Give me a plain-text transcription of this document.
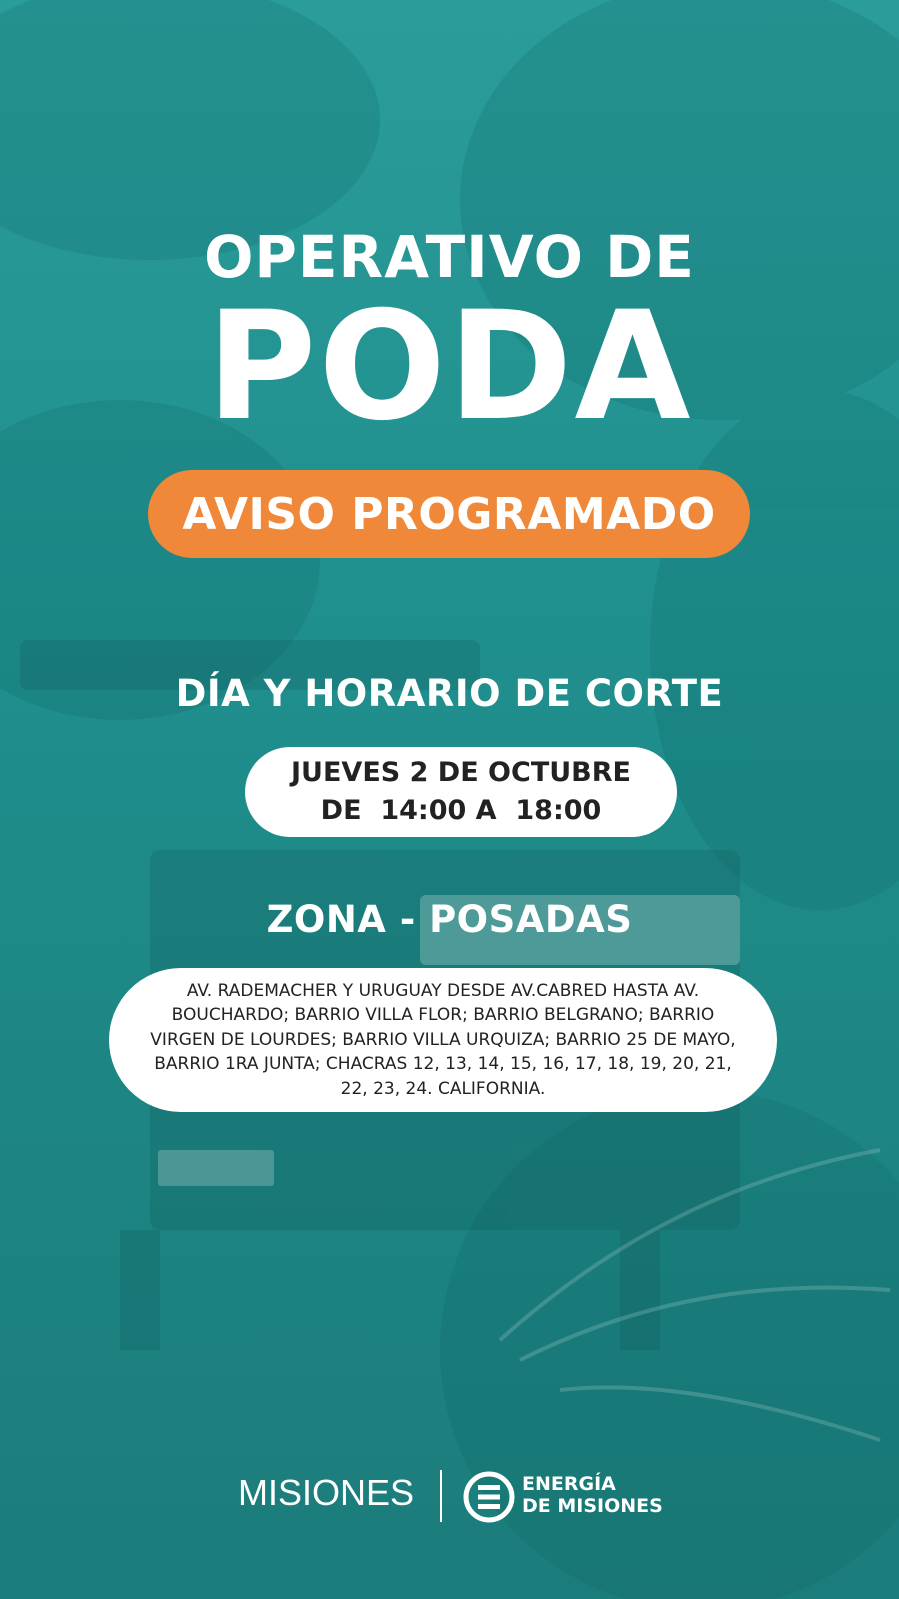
OPERATIVO DE
PODA
AVISO PROGRAMADO
DÍA Y HORARIO DE CORTE
JUEVES 2 DE OCTUBRE
DE  14:00 A  18:00
ZONA - POSADAS
AV. RADEMACHER Y URUGUAY DESDE AV.CABRED HASTA AV. BOUCHARDO; BARRIO VILLA FLOR; BARRIO BELGRANO; BARRIO VIRGEN DE LOURDES; BARRIO VILLA URQUIZA; BARRIO 25 DE MAYO, BARRIO 1RA JUNTA; CHACRAS 12, 13, 14, 15, 16, 17, 18, 19, 20, 21, 22, 23, 24. CALIFORNIA.
MISIONES	ENERGÍA
DE MISIONES
